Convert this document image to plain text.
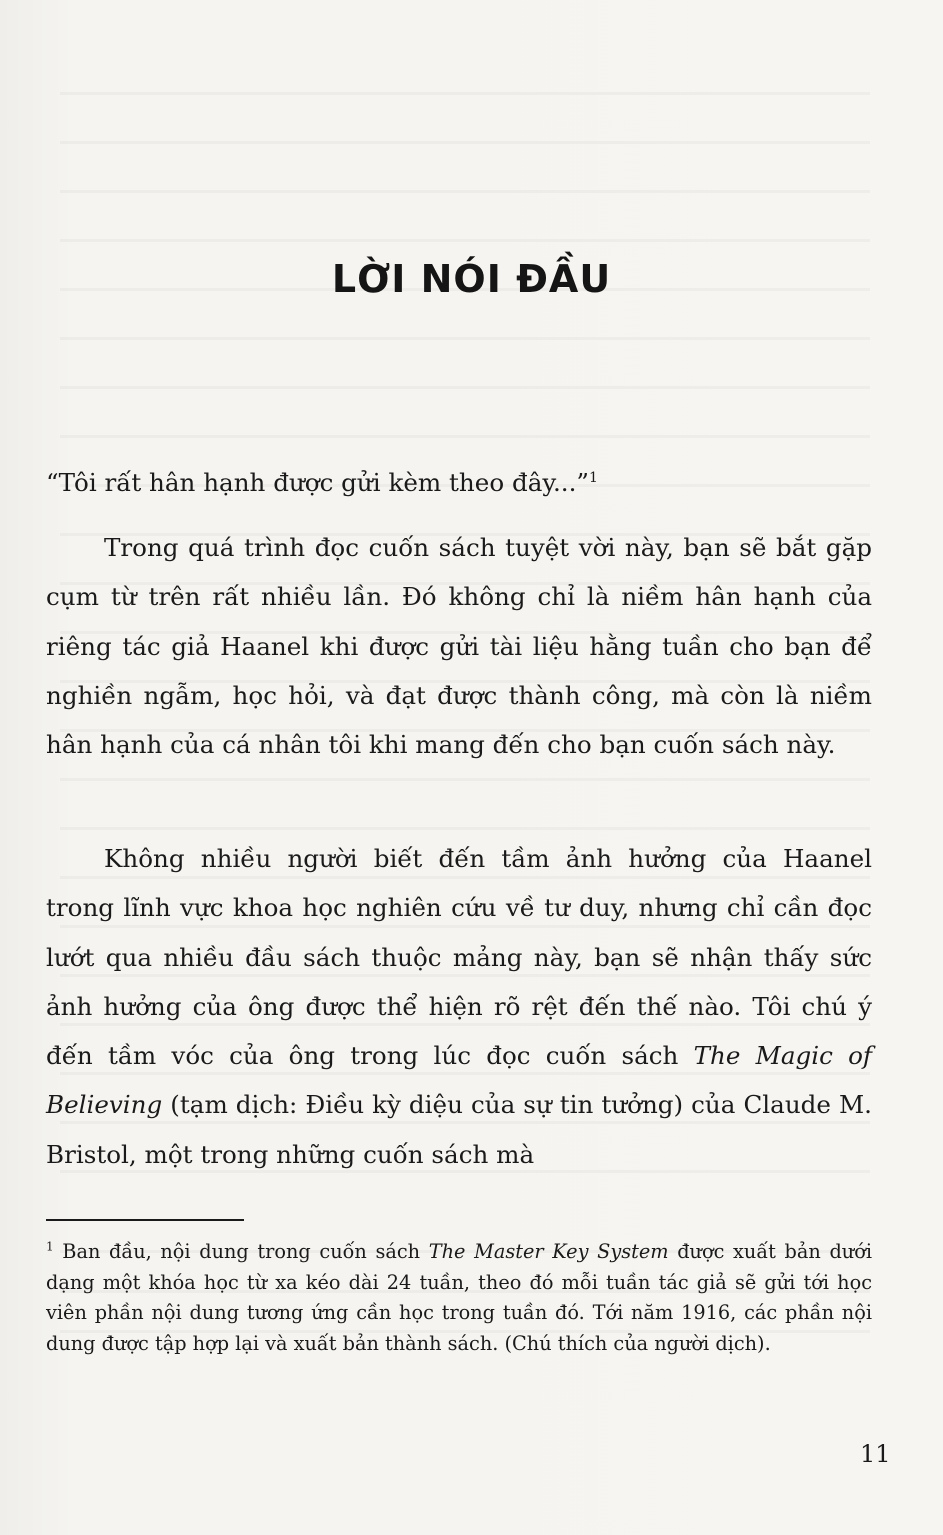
LỜI NÓI ĐẦU

“Tôi rất hân hạnh được gửi kèm theo đây...”$^1$

Trong quá trình đọc cuốn sách tuyệt vời này, bạn sẽ bắt gặp cụm từ trên rất nhiều lần. Đó không chỉ là niềm hân hạnh của riêng tác giả Haanel khi được gửi tài liệu hằng tuần cho bạn để nghiền ngẫm, học hỏi, và đạt được thành công, mà còn là niềm hân hạnh của cá nhân tôi khi mang đến cho bạn cuốn sách này.

Không nhiều người biết đến tầm ảnh hưởng của Haanel trong lĩnh vực khoa học nghiên cứu về tư duy, nhưng chỉ cần đọc lướt qua nhiều đầu sách thuộc mảng này, bạn sẽ nhận thấy sức ảnh hưởng của ông được thể hiện rõ rệt đến thế nào. Tôi chú ý đến tầm vóc của ông trong lúc đọc cuốn sách The Magic of Believing (tạm dịch: Điều kỳ diệu của sự tin tưởng) của Claude M. Bristol, một trong những cuốn sách mà

$^1$ Ban đầu, nội dung trong cuốn sách The Master Key System được xuất bản dưới dạng một khóa học từ xa kéo dài 24 tuần, theo đó mỗi tuần tác giả sẽ gửi tới học viên phần nội dung tương ứng cần học trong tuần đó. Tới năm 1916, các phần nội dung được tập hợp lại và xuất bản thành sách. (Chú thích của người dịch).

11
